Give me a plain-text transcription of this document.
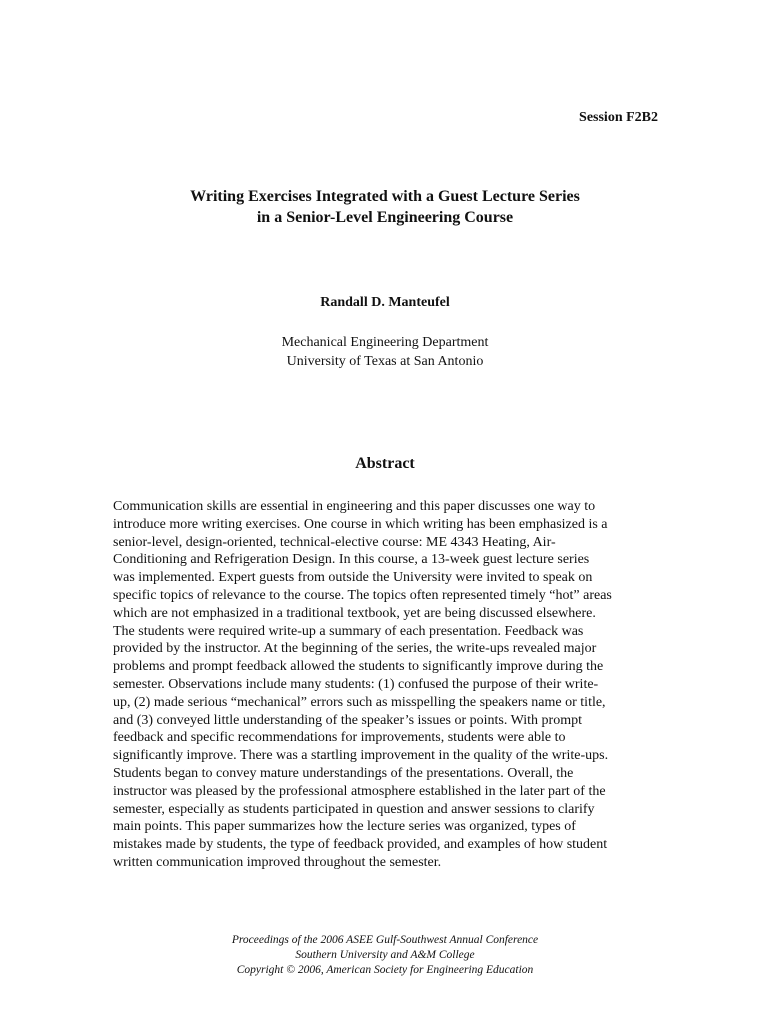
Session F2B2
Writing Exercises Integrated with a Guest Lecture Series
in a Senior-Level Engineering Course
Randall D. Manteufel
Mechanical Engineering Department
University of Texas at San Antonio
Abstract
Communication skills are essential in engineering and this paper discusses one way to
introduce more writing exercises. One course in which writing has been emphasized is a
senior-level, design-oriented, technical-elective course: ME 4343 Heating, Air-
Conditioning and Refrigeration Design. In this course, a 13-week guest lecture series
was implemented. Expert guests from outside the University were invited to speak on
specific topics of relevance to the course. The topics often represented timely “hot” areas
which are not emphasized in a traditional textbook, yet are being discussed elsewhere.
The students were required write-up a summary of each presentation. Feedback was
provided by the instructor. At the beginning of the series, the write-ups revealed major
problems and prompt feedback allowed the students to significantly improve during the
semester. Observations include many students: (1) confused the purpose of their write-
up, (2) made serious “mechanical” errors such as misspelling the speakers name or title,
and (3) conveyed little understanding of the speaker’s issues or points. With prompt
feedback and specific recommendations for improvements, students were able to
significantly improve. There was a startling improvement in the quality of the write-ups.
Students began to convey mature understandings of the presentations. Overall, the
instructor was pleased by the professional atmosphere established in the later part of the
semester, especially as students participated in question and answer sessions to clarify
main points. This paper summarizes how the lecture series was organized, types of
mistakes made by students, the type of feedback provided, and examples of how student
written communication improved throughout the semester.
Proceedings of the 2006 ASEE Gulf-Southwest Annual Conference
Southern University and A&M College
Copyright © 2006, American Society for Engineering Education
